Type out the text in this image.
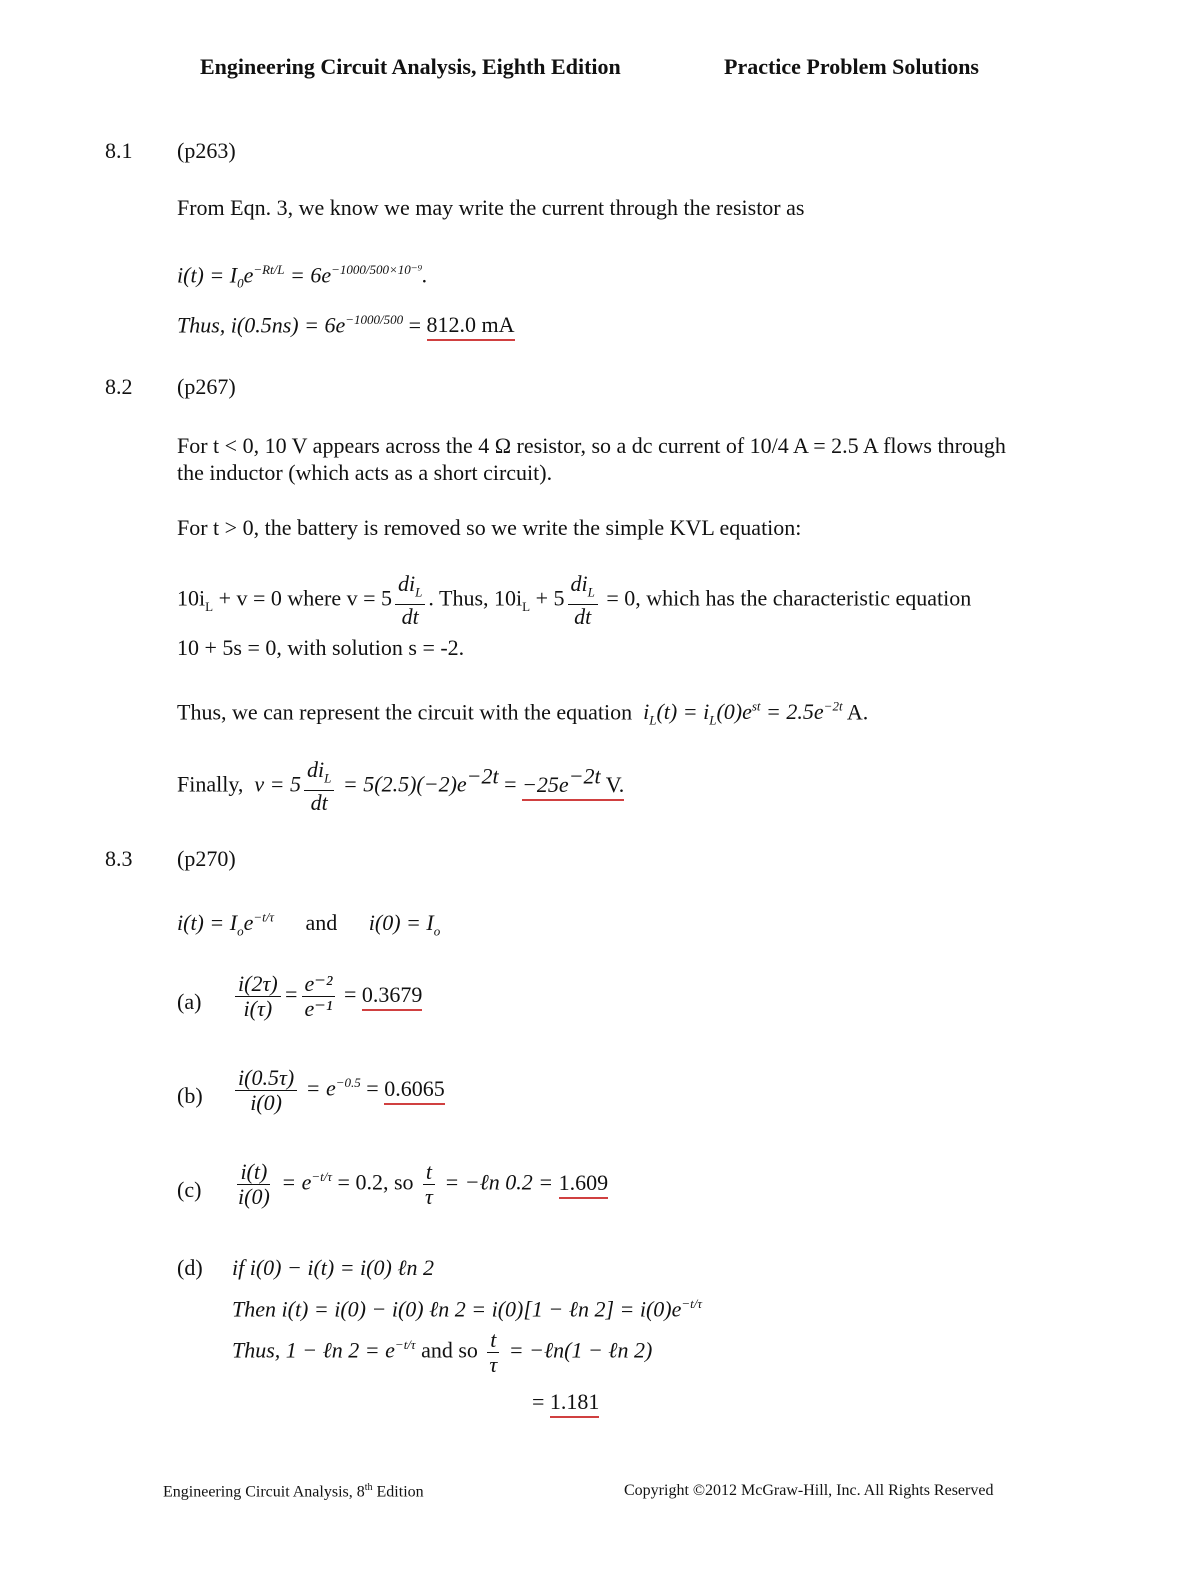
Engineering Circuit Analysis, Eighth Edition	Practice Problem Solutions
8.1 (p263)
From Eqn. 3, we know we may write the current through the resistor as
$i(t) = I_0e^{-Rt/L} = 6e^{-1000/500\times 10^{-9}}$.
Thus, $i(0.5ns) = 6e^{-1000/500} = 812.0$ mA
8.2 (p267)
For t < 0, 10 V appears across the 4 Ω resistor, so a dc current of 10/4 A = 2.5 A flows through
the inductor (which acts as a short circuit).
For t > 0, the battery is removed so we write the simple KVL equation:
$10i_L + v = 0$ where $v = 5 \frac{di_L}{dt}$ . Thus, $10i_L + 5 \frac{di_L}{dt} = 0$, which has the characteristic equation
10 + 5s = 0, with solution s = -2.
Thus, we can represent the circuit with the equation $i_L(t) = i_L(0)e^{st} = 2.5e^{-2t}$ A.
Finally, $v = 5 \frac{di_L}{dt} = 5(2.5)(-2)e^{-2t} = -25e^{-2t}$ V.
8.3 (p270)
$i(t) = I_oe^{-t/\tau}$ and $i(0) = I_o$
$(a) \frac{i(2\tau)}{i(\tau)} = \frac{\text{e⁻²}}{\text{e⁻¹}} = 0.3679$
$(b) \frac{i(0.5\tau)}{i(0)} = e^{-0.5} = 0.6065$
$(c) \frac{i(t)}{i(0)} = e^{-t/\tau} = 0.2$, so $\frac{t}{\tau}$ = −ℓn 0.2 = 1.609
(d) if i(0) − i(t) = i(0) ℓn 2
Then i(t) = i(0) − i(0) ℓn 2 = i(0)[1 − ℓn $2] = i(0)e^{-t/\tau}$
Thus, 1 − ℓn $2 = e^{-t/\tau}$ and so $\frac{t}{\tau}$ = −ℓn(1 − ℓn 2)
= 1.181
Engineering Circuit Analysis, 8th Edition	Copyright ©2012 McGraw-Hill, Inc. All Rights Reserved
